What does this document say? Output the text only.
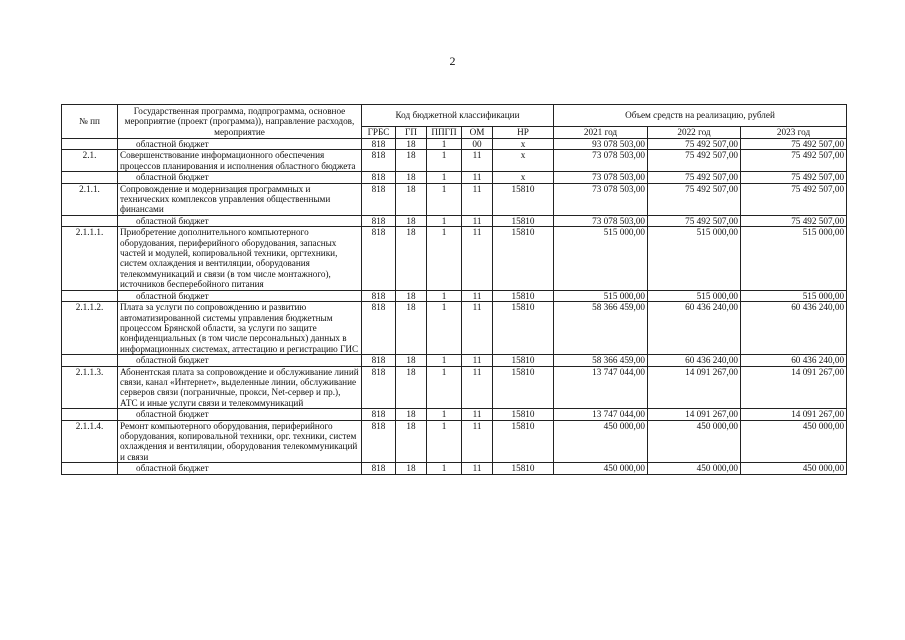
2
№ пп	Государственная программа, подпрограмма, основное мероприятие (проект (программа)), направление расходов, мероприятие	Код бюджетной классификации					Объем средств на реализацию, рублей		
		ГРБС	ГП	ППГП	ОМ	НР	2021 год	2022 год	2023 год
	областной бюджет	818	18	1	00	х	93 078 503,00	75 492 507,00	75 492 507,00
2.1.	Совершенствование информационного обеспечения процессов планирования и исполнения областного бюджета	818	18	1	11	х	73 078 503,00	75 492 507,00	75 492 507,00
	областной бюджет	818	18	1	11	х	73 078 503,00	75 492 507,00	75 492 507,00
2.1.1.	Сопровождение и модернизация программных и технических комплексов управления общественными финансами	818	18	1	11	15810	73 078 503,00	75 492 507,00	75 492 507,00
	областной бюджет	818	18	1	11	15810	73 078 503,00	75 492 507,00	75 492 507,00
2.1.1.1.	Приобретение дополнительного компьютерного оборудования, периферийного оборудования, запасных частей и модулей, копировальной техники, оргтехники, систем охлаждения и вентиляции, оборудования телекоммуникаций и связи (в том числе монтажного), источников бесперебойного питания	818	18	1	11	15810	515 000,00	515 000,00	515 000,00
	областной бюджет	818	18	1	11	15810	515 000,00	515 000,00	515 000,00
2.1.1.2.	Плата за услуги по сопровождению и развитию автоматизированной системы управления бюджетным процессом Брянской области, за услуги по защите конфиденциальных (в том числе персональных) данных в информационных системах, аттестацию и регистрацию ГИС	818	18	1	11	15810	58 366 459,00	60 436 240,00	60 436 240,00
	областной бюджет	818	18	1	11	15810	58 366 459,00	60 436 240,00	60 436 240,00
2.1.1.3.	Абонентская плата за сопровождение и обслуживание линий связи, канал «Интернет», выделенные линии, обслуживание серверов связи (пограничные, прокси, Net-сервер и пр.), АТС и иные услуги связи и телекоммуникаций	818	18	1	11	15810	13 747 044,00	14 091 267,00	14 091 267,00
	областной бюджет	818	18	1	11	15810	13 747 044,00	14 091 267,00	14 091 267,00
2.1.1.4.	Ремонт компьютерного оборудования, периферийного оборудования, копировальной техники, орг. техники, систем охлаждения и вентиляции, оборудования телекоммуникаций и связи	818	18	1	11	15810	450 000,00	450 000,00	450 000,00
	областной бюджет	818	18	1	11	15810	450 000,00	450 000,00	450 000,00
